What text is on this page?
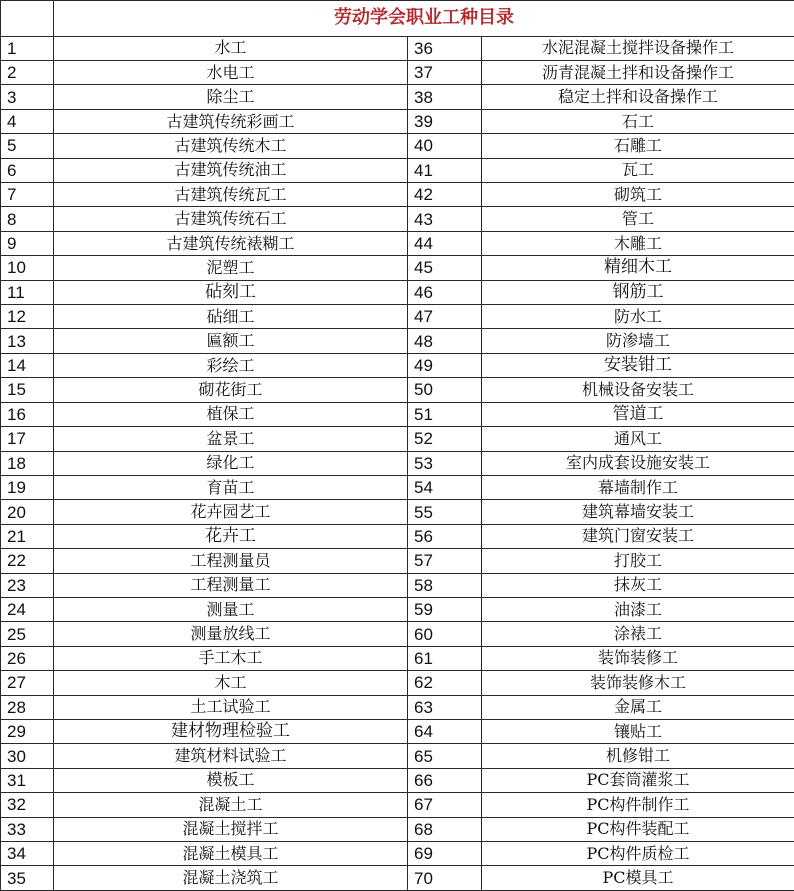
	劳动学会职业工种目录		
1	水工	36	水泥混凝土搅拌设备操作工
2	水电工	37	沥青混凝土拌和设备操作工
3	除尘工	38	稳定土拌和设备操作工
4	古建筑传统彩画工	39	石工
5	古建筑传统木工	40	石雕工
6	古建筑传统油工	41	瓦工
7	古建筑传统瓦工	42	砌筑工
8	古建筑传统石工	43	管工
9	古建筑传统裱糊工	44	木雕工
10	泥塑工	45	精细木工
11	砧刻工	46	钢筋工
12	砧细工	47	防水工
13	匾额工	48	防渗墙工
14	彩绘工	49	安装钳工
15	砌花街工	50	机械设备安装工
16	植保工	51	管道工
17	盆景工	52	通风工
18	绿化工	53	室内成套设施安装工
19	育苗工	54	幕墙制作工
20	花卉园艺工	55	建筑幕墙安装工
21	花卉工	56	建筑门窗安装工
22	工程测量员	57	打胶工
23	工程测量工	58	抹灰工
24	测量工	59	油漆工
25	测量放线工	60	涂裱工
26	手工木工	61	装饰装修工
27	木工	62	装饰装修木工
28	土工试验工	63	金属工
29	建材物理检验工	64	镶贴工
30	建筑材料试验工	65	机修钳工
31	模板工	66	PC套筒灌浆工
32	混凝土工	67	PC构件制作工
33	混凝土搅拌工	68	PC构件装配工
34	混凝土模具工	69	PC构件质检工
35	混凝土浇筑工	70	PC模具工
